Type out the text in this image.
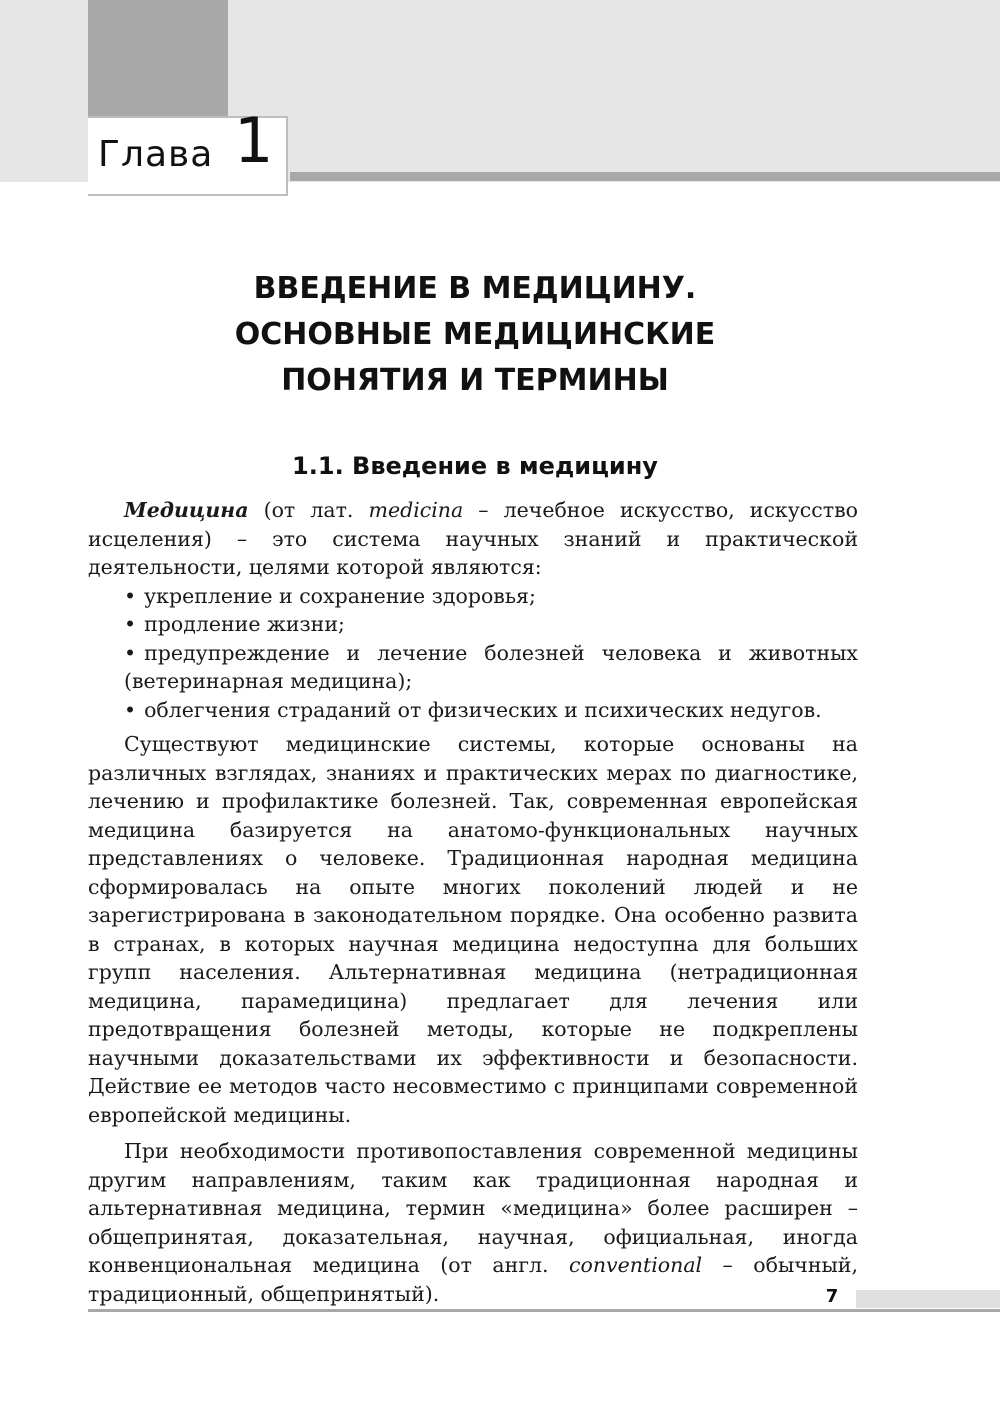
Глава 1
ВВЕДЕНИЕ В МЕДИЦИНУ.
ОСНОВНЫЕ МЕДИЦИНСКИЕ
ПОНЯТИЯ И ТЕРМИНЫ
1.1. Введение в медицину

Медицина (от лат. medicina – лечебное искусство, искусство исцеления) – это система научных знаний и практической деятельности, целями которой являются:

• укрепление и сохранение здоровья;
• продление жизни;
• предупреждение и лечение болезней человека и животных (ветеринарная медицина);
• облегчения страданий от физических и психических недугов.

Существуют медицинские системы, которые основаны на различных взглядах, знаниях и практических мерах по диагностике, лечению и профилактике болезней. Так, современная европейская медицина базируется на анатомо-функциональных научных представлениях о человеке. Традиционная народная медицина сформировалась на опыте многих поколений людей и не зарегистрирована в законодательном порядке. Она особенно развита в странах, в которых научная медицина недоступна для больших групп населения. Альтернативная медицина (нетрадиционная медицина, парамедицина) предлагает для лечения или предотвращения болезней методы, которые не подкреплены научными доказательствами их эффективности и безопасности. Действие ее методов часто несовместимо с принципами современной европейской медицины.

При необходимости противопоставления современной медицины другим направлениям, таким как традиционная народная и альтернативная медицина, термин «медицина» более расширен – общепринятая, доказательная, научная, официальная, иногда конвенциональная медицина (от англ. conventional – обычный, традиционный, общепринятый).	7
